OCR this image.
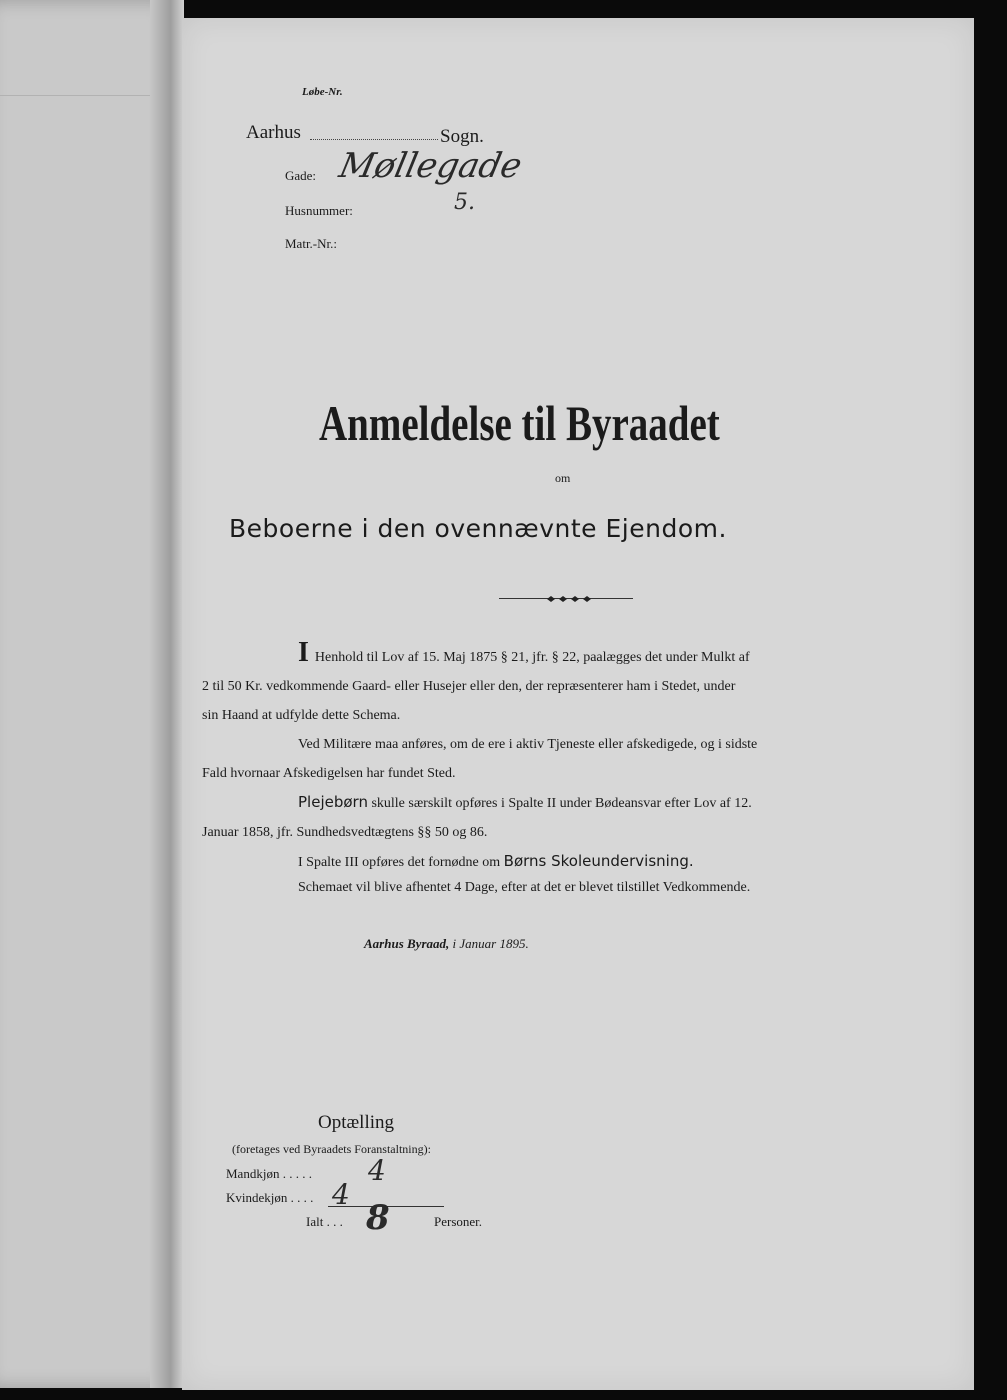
Løbe-Nr.
Aarhus	Sogn.
Gade: Møllegade
Husnummer:	5.
Matr.-Nr.:
Anmeldelse til Byraadet
om
Beboerne i den ovennævnte Ejendom.

I Henhold til Lov af 15. Maj 1875 § 21, jfr. § 22, paalægges det under Mulkt af

2 til 50 Kr. vedkommende Gaard- eller Husejer eller den, der repræsenterer ham i Stedet, under

sin Haand at udfylde dette Schema.

Ved Militære maa anføres, om de ere i aktiv Tjeneste eller afskedigede, og i sidste

Fald hvornaar Afskedigelsen har fundet Sted.

Plejebørn skulle særskilt opføres i Spalte II under Bødeansvar efter Lov af 12.

Januar 1858, jfr. Sundhedsvedtægtens §§ 50 og 86.

I Spalte III opføres det fornødne om Børns Skoleundervisning.

Schemaet vil blive afhentet 4 Dage, efter at det er blevet tilstillet Vedkommende.

Aarhus Byraad, i Januar 1895.
Optælling
(foretages ved Byraadets Foranstaltning):
Mandkjøn . . . . . 4
Kvindekjøn . . . . 4
Ialt . . . 8	Personer.
